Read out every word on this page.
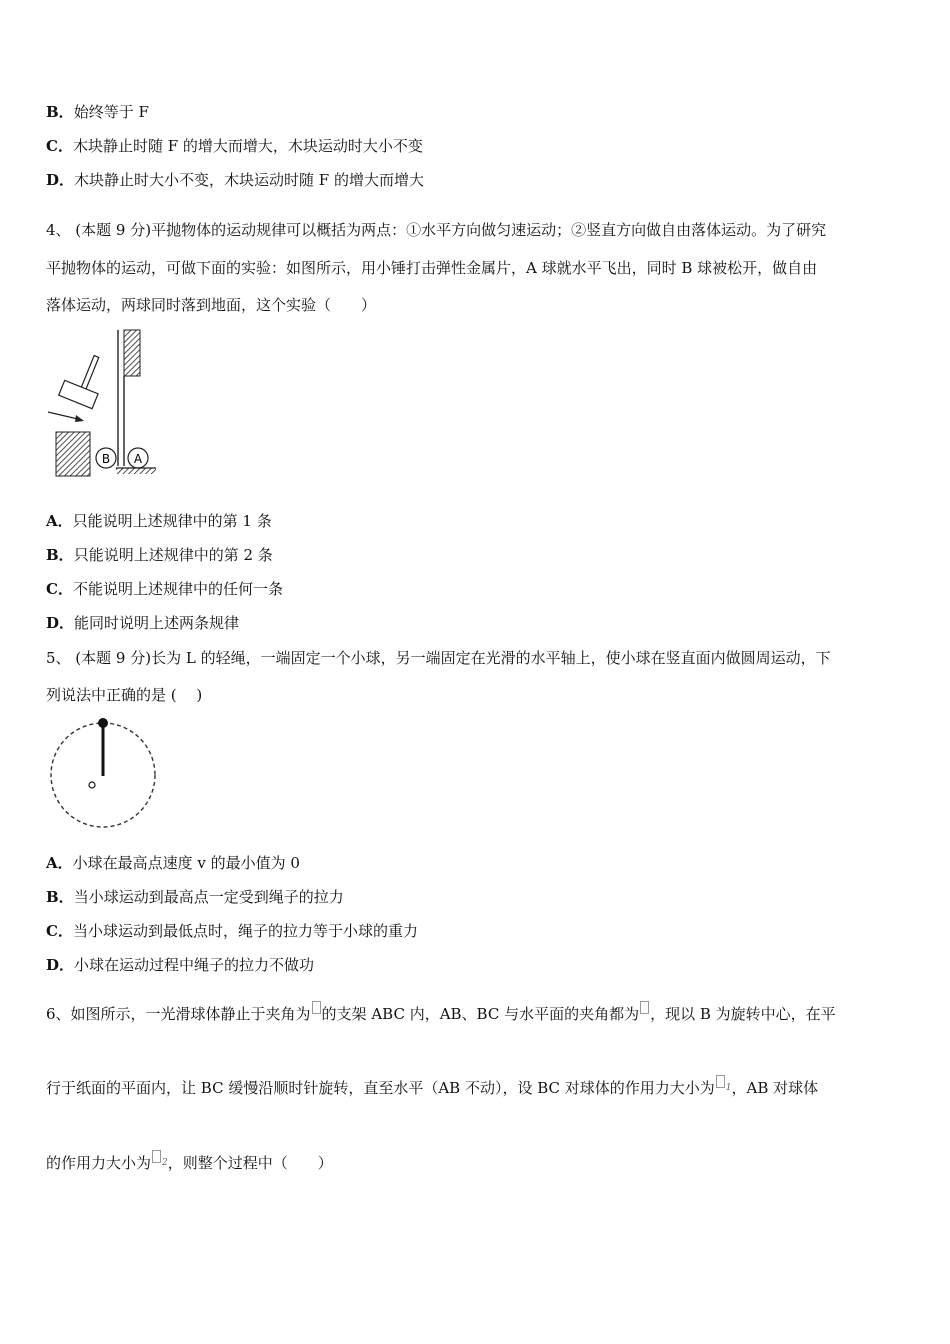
B．始终等于 F
C．木块静止时随 F 的增大而增大，木块运动时大小不变
D．木块静止时大小不变，木块运动时随 F 的增大而增大
4、 (本题 9 分)平抛物体的运动规律可以概括为两点：①水平方向做匀速运动；②竖直方向做自由落体运动。为了研究
平抛物体的运动，可做下面的实验：如图所示，用小锤打击弹性金属片，A 球就水平飞出，同时 B 球被松开，做自由
落体运动，两球同时落到地面，这个实验（　　）
B A
A．只能说明上述规律中的第 1 条
B．只能说明上述规律中的第 2 条
C．不能说明上述规律中的任何一条
D．能同时说明上述两条规律
5、 (本题 9 分)长为 L 的轻绳，一端固定一个小球，另一端固定在光滑的水平轴上，使小球在竖直面内做圆周运动，下
列说法中正确的是 (　 )
A．小球在最高点速度 v 的最小值为 0
B．当小球运动到最高点一定受到绳子的拉力
C．当小球运动到最低点时，绳子的拉力等于小球的重力
D．小球在运动过程中绳子的拉力不做功
6、如图所示，一光滑球体静止于夹角为 的支架 ABC 内，AB、BC 与水平面的夹角都为 ，现以 B 为旋转中心，在平
行于纸面的平面内，让 BC 缓慢沿顺时针旋转，直至水平（AB 不动），设 BC 对球体的作用力大小为 $^1$，AB 对球体
的作用力大小为 $^2$，则整个过程中（　　）
